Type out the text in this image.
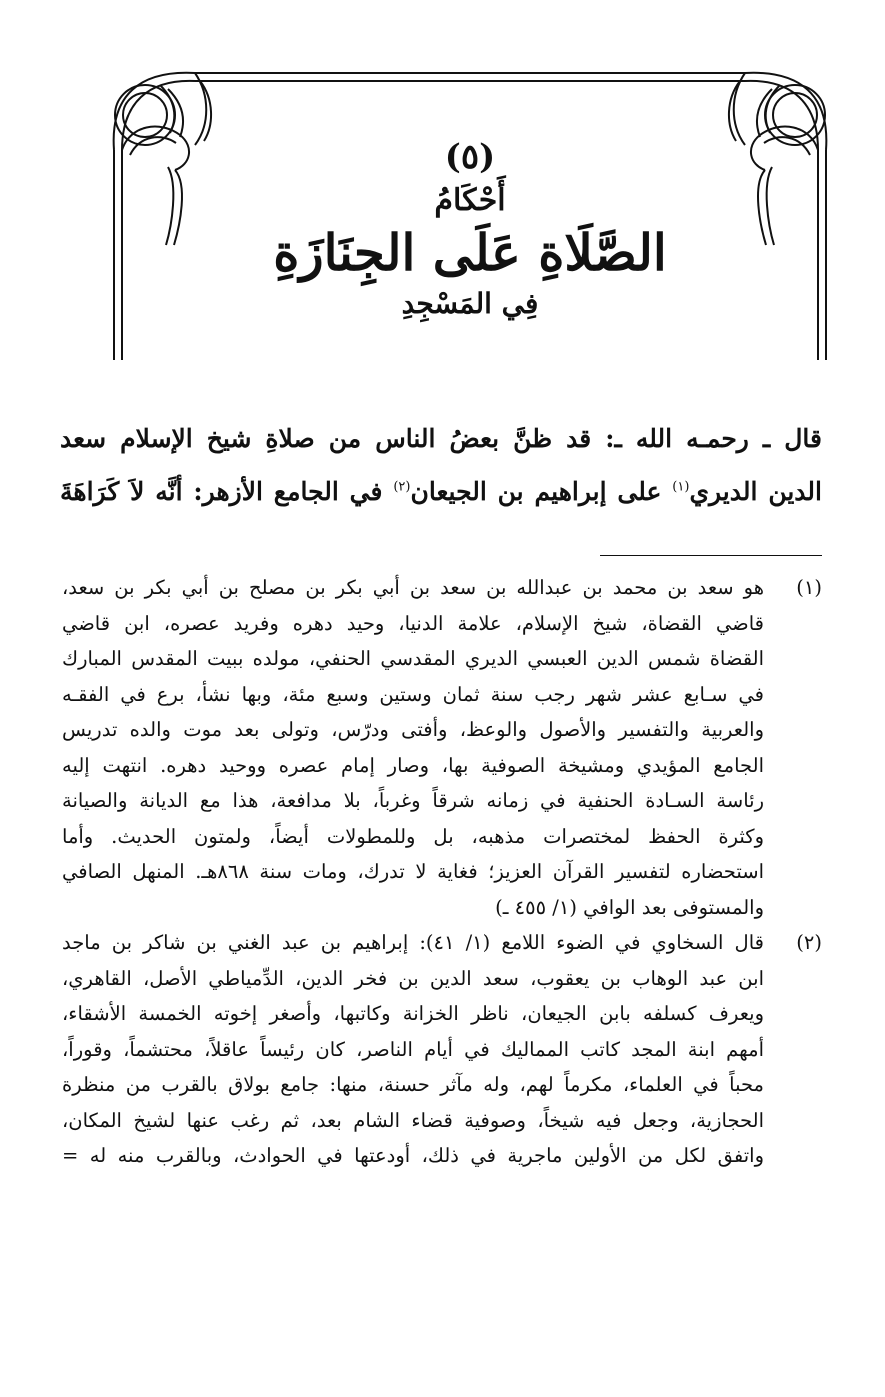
(٥)
أَحْكَامُ
الصَّلَاةِ عَلَى الجِنَازَةِ
فِي المَسْجِدِ
قال ـ رحمـه الله ـ: قد ظنَّ بعضُ الناس من صلاةِ شيخ الإسلام سعد
الدين الديري$^{(١)}$ على إبراهيم بن الجيعان$^{(٢)}$ في الجامع الأزهر: أنَّه لاَ كَرَاهَةَ
(١)
هو سعد بن محمد بن عبدالله بن سعد بن أبي بكر بن مصلح بن أبي بكر بن سعد،
قاضي القضاة، شيخ الإسلام، علامة الدنيا، وحيد دهره وفريد عصره، ابن قاضي
القضاة شمس الدين العبسي الديري المقدسي الحنفي، مولده ببيت المقدس المبارك
في سـابع عشر شهر رجب سنة ثمان وستين وسبع مئة، وبها نشأ، برع في الفقـه
والعربية والتفسير والأصول والوعظ، وأفتى ودرّس، وتولى بعد موت والده تدريس
الجامع المؤيدي ومشيخة الصوفية بها، وصار إمام عصره ووحيد دهره. انتهت إليه
رئاسة السـادة الحنفية في زمانه شرقاً وغرباً، بلا مدافعة، هذا مع الديانة والصيانة
وكثرة الحفظ لمختصرات مذهبه، بل وللمطولات أيضاً، ولمتون الحديث. وأما
استحضاره لتفسير القرآن العزيز؛ فغاية لا تدرك، ومات سنة ٨٦٨هـ. المنهل الصافي
والمستوفى بعد الوافي (١/ ٤٥٥ ـ)
(٢)
قال السخاوي في الضوء اللامع (١/ ٤١): إبراهيم بن عبد الغني بن شاكر بن ماجد
ابن عبد الوهاب بن يعقوب، سعد الدين بن فخر الدين، الدِّمياطي الأصل، القاهري،
ويعرف كسلفه بابن الجيعان، ناظر الخزانة وكاتبها، وأصغر إخوته الخمسة الأشقاء،
أمهم ابنة المجد كاتب المماليك في أيام الناصر، كان رئيساً عاقلاً، محتشماً، وقوراً،
محباً في العلماء، مكرماً لهم، وله مآثر حسنة، منها: جامع بولاق بالقرب من منظرة
الحجازية، وجعل فيه شيخاً، وصوفية قضاء الشام بعد، ثم رغب عنها لشيخ المكان،
واتفق لكل من الأولين ماجرية في ذلك، أودعتها في الحوادث، وبالقرب منه له =
